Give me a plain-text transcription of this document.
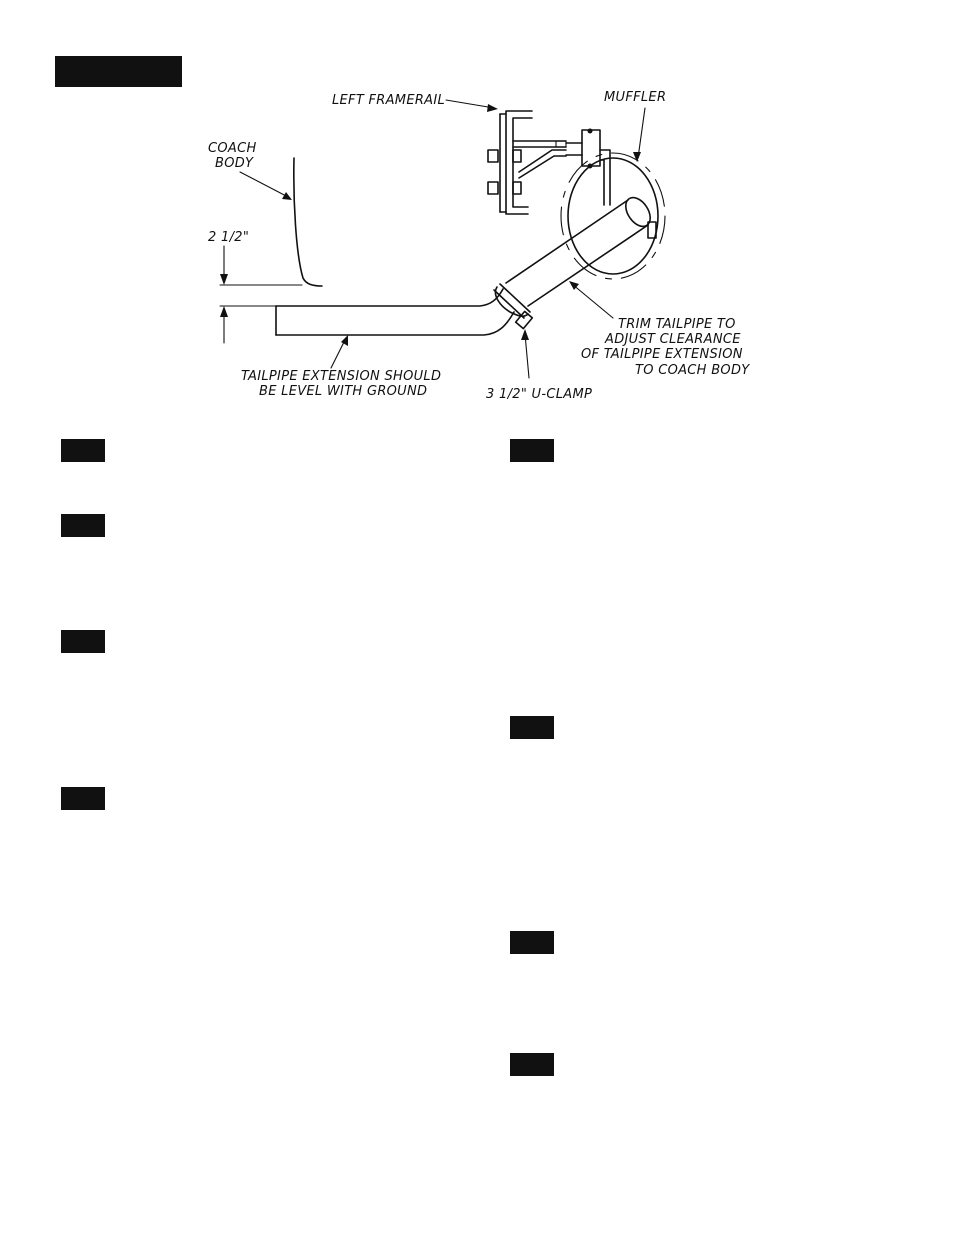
LEFT FRAMERAIL	MUFFLER
COACH
BODY
2 1/2"
TAILPIPE EXTENSION SHOULD
BE LEVEL WITH GROUND	3 1/2" U-CLAMP
TRIM TAILPIPE TO
ADJUST CLEARANCE
OF TAILPIPE EXTENSION
TO COACH BODY
